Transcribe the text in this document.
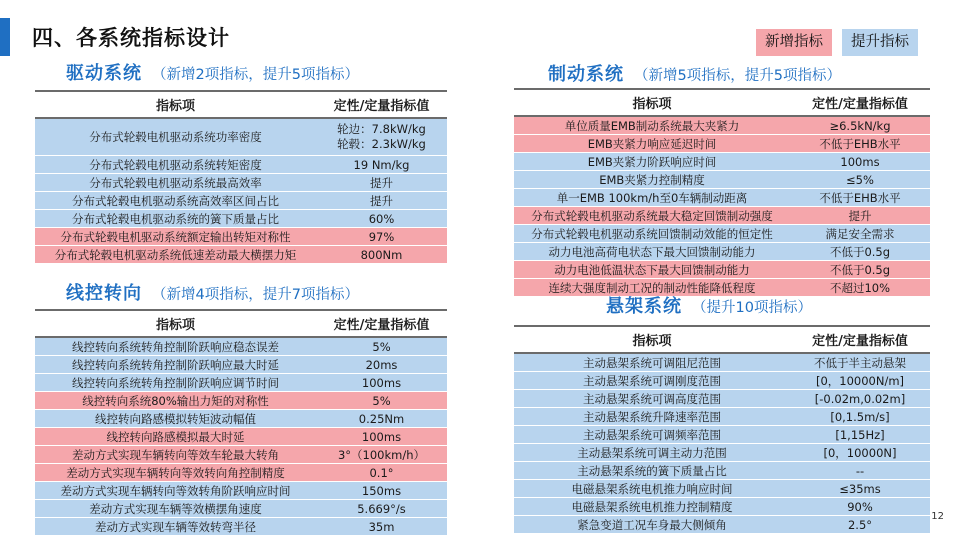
四、各系统指标设计	新增指标	提升指标
驱动系统 （新增2项指标，提升5项指标）
指标项	定性/定量指标值
分布式轮毂电机驱动系统功率密度	轮边：7.8kW/kg
轮毂：2.3kW/kg

分布式轮毂电机驱动系统转矩密度	19 Nm/kg
分布式轮毂电机驱动系统最高效率	提升
分布式轮毂电机驱动系统高效率区间占比	提升
分布式轮毂电机驱动系统的簧下质量占比	60%
分布式轮毂电机驱动系统额定输出转矩对称性	97%
分布式轮毂电机驱动系统低速差动最大横摆力矩	800Nm
线控转向 （新增4项指标，提升7项指标）
指标项	定性/定量指标值
线控转向系统转角控制阶跃响应稳态误差	5%
线控转向系统转角控制阶跃响应最大时延	20ms
线控转向系统转角控制阶跃响应调节时间	100ms
线控转向系统80%输出力矩的对称性	5%
线控转向路感模拟转矩波动幅值	0.25Nm
线控转向路感模拟最大时延	100ms
差动方式实现车辆转向等效车轮最大转角	3°（100km/h）
差动方式实现车辆转向等效转向角控制精度	0.1°
差动方式实现车辆转向等效转角阶跃响应时间	150ms
差动方式实现车辆等效横摆角速度	5.669°/s
差动方式实现车辆等效转弯半径	35m
制动系统 （新增5项指标，提升5项指标）
指标项	定性/定量指标值
单位质量EMB制动系统最大夹紧力	≥6.5kN/kg
EMB夹紧力响应延迟时间	不低于EHB水平
EMB夹紧力阶跃响应时间	100ms
EMB夹紧力控制精度	≤5%
单一EMB 100km/h至0车辆制动距离	不低于EHB水平
分布式轮毂电机驱动系统最大稳定回馈制动强度	提升
分布式轮毂电机驱动系统回馈制动效能的恒定性	满足安全需求
动力电池高荷电状态下最大回馈制动能力	不低于0.5g
动力电池低温状态下最大回馈制动能力	不低于0.5g
连续大强度制动工况的制动性能降低程度	不超过10%
悬架系统 （提升10项指标）
指标项	定性/定量指标值
主动悬架系统可调阻尼范围	不低于半主动悬架
主动悬架系统可调刚度范围	[0，10000N/m]
主动悬架系统可调高度范围	[-0.02m,0.02m]
主动悬架系统升降速率范围	[0,1.5m/s]
主动悬架系统可调频率范围	[1,15Hz]
主动悬架系统可调主动力范围	[0，10000N]
主动悬架系统的簧下质量占比	--
电磁悬架系统电机推力响应时间	≤35ms
电磁悬架系统电机推力控制精度	90%
紧急变道工况车身最大侧倾角	2.5°
12
